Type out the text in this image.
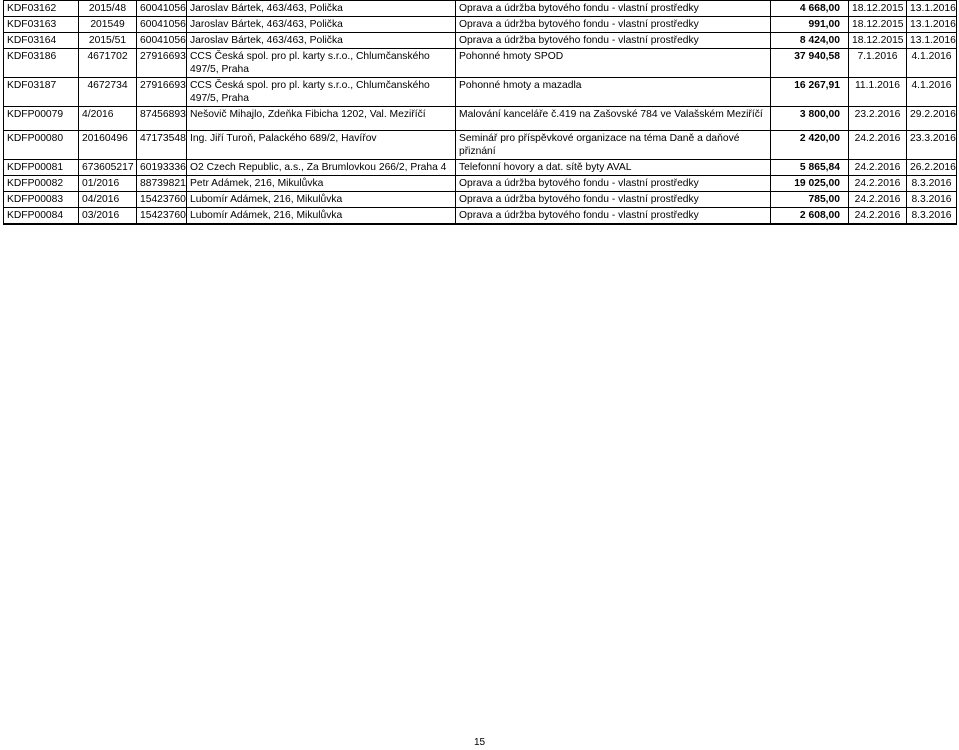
KDF03162	2015/48	60041056	Jaroslav Bártek, 463/463, Polička	Oprava a údržba bytového fondu - vlastní prostředky	4 668,00	18.12.2015	13.1.2016
KDF03163	201549	60041056	Jaroslav Bártek, 463/463, Polička	Oprava a údržba bytového fondu - vlastní prostředky	991,00	18.12.2015	13.1.2016
KDF03164	2015/51	60041056	Jaroslav Bártek, 463/463, Polička	Oprava a údržba bytového fondu - vlastní prostředky	8 424,00	18.12.2015	13.1.2016
KDF03186	4671702	27916693	CCS Česká spol. pro pl. karty s.r.o., Chlumčanského 497/5, Praha	Pohonné hmoty SPOD	37 940,58	7.1.2016	4.1.2016
KDF03187	4672734	27916693	CCS Česká spol. pro pl. karty s.r.o., Chlumčanského 497/5, Praha	Pohonné hmoty a mazadla	16 267,91	11.1.2016	4.1.2016
KDFP00079	4/2016	87456893	Nešovič Mihajlo, Zdeňka Fibicha 1202, Val. Meziříčí	Malování kanceláře č.419 na Zašovské 784 ve Valašském Meziříčí	3 800,00	23.2.2016	29.2.2016
KDFP00080	20160496	47173548	Ing. Jiří Turoň, Palackého 689/2, Havířov	Seminář pro příspěvkové organizace na téma Daně a daňové přiznání	2 420,00	24.2.2016	23.3.2016
KDFP00081	673605217	60193336	O2 Czech Republic, a.s., Za Brumlovkou 266/2, Praha 4	Telefonní hovory a dat. sítě byty AVAL	5 865,84	24.2.2016	26.2.2016
KDFP00082	01/2016	88739821	Petr Adámek, 216, Mikulůvka	Oprava a údržba bytového fondu - vlastní prostředky	19 025,00	24.2.2016	8.3.2016
KDFP00083	04/2016	15423760	Lubomír Adámek, 216, Mikulůvka	Oprava a údržba bytového fondu - vlastní prostředky	785,00	24.2.2016	8.3.2016
KDFP00084	03/2016	15423760	Lubomír Adámek, 216, Mikulůvka	Oprava a údržba bytového fondu - vlastní prostředky	2 608,00	24.2.2016	8.3.2016
15
